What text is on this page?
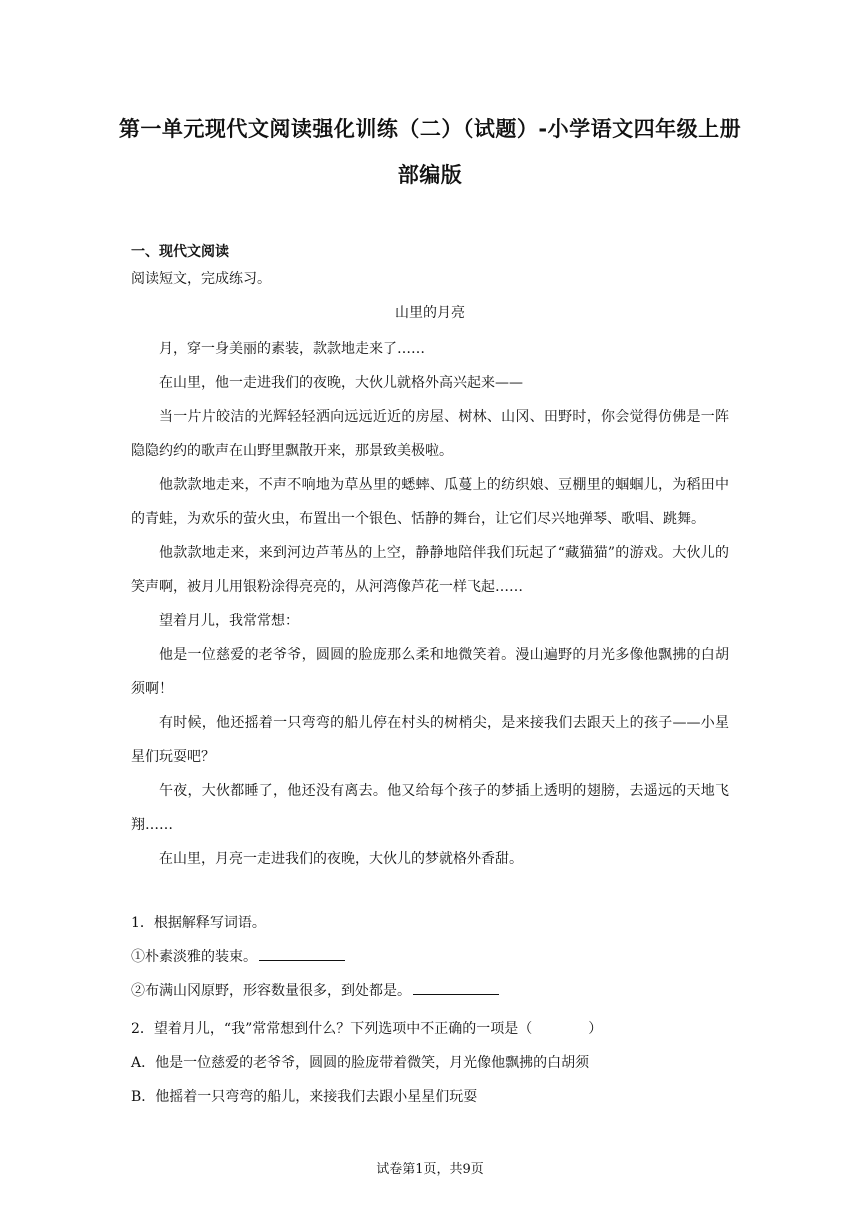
第一单元现代文阅读强化训练（二）（试题）-小学语文四年级上册部编版
一、现代文阅读
阅读短文，完成练习。
山里的月亮

月，穿一身美丽的素装，款款地走来了……

在山里，他一走进我们的夜晚，大伙儿就格外高兴起来——

当一片片皎洁的光辉轻轻洒向远远近近的房屋、树林、山冈、田野时，你会觉得仿佛是一阵隐隐约约的歌声在山野里飘散开来，那景致美极啦。

他款款地走来，不声不响地为草丛里的蟋蟀、瓜蔓上的纺织娘、豆棚里的蝈蝈儿，为稻田中的青蛙，为欢乐的萤火虫，布置出一个银色、恬静的舞台，让它们尽兴地弹琴、歌唱、跳舞。

他款款地走来，来到河边芦苇丛的上空，静静地陪伴我们玩起了“藏猫猫”的游戏。大伙儿的笑声啊，被月儿用银粉涂得亮亮的，从河湾像芦花一样飞起……

望着月儿，我常常想：

他是一位慈爱的老爷爷，圆圆的脸庞那么柔和地微笑着。漫山遍野的月光多像他飘拂的白胡须啊！

有时候，他还摇着一只弯弯的船儿停在村头的树梢尖，是来接我们去跟天上的孩子——小星星们玩耍吧？

午夜，大伙都睡了，他还没有离去。他又给每个孩子的梦插上透明的翅膀，去遥远的天地飞翔……

在山里，月亮一走进我们的夜晚，大伙儿的梦就格外香甜。

1．根据解释写词语。

①朴素淡雅的装束。

②布满山冈原野，形容数量很多，到处都是。

2．望着月儿，“我”常常想到什么？下列选项中不正确的一项是（　　　　）

A．他是一位慈爱的老爷爷，圆圆的脸庞带着微笑，月光像他飘拂的白胡须

B．他摇着一只弯弯的船儿，来接我们去跟小星星们玩耍

试卷第1页，共9页
